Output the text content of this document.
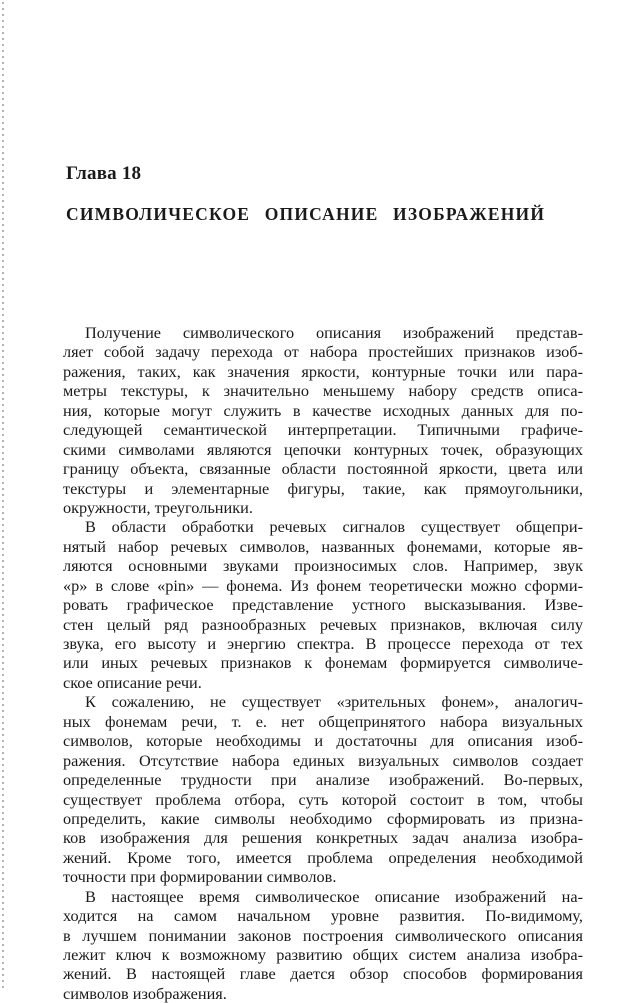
Глава 18
СИМВОЛИЧЕСКОЕ ОПИСАНИЕ ИЗОБРАЖЕНИЙ
Получение символического описания изображений представ-
ляет собой задачу перехода от набора простейших признаков изоб-
ражения, таких, как значения яркости, контурные точки или пара-
метры текстуры, к значительно меньшему набору средств описа-
ния, которые могут служить в качестве исходных данных для по-
следующей семантической интерпретации. Типичными графиче-
скими символами являются цепочки контурных точек, образующих
границу объекта, связанные области постоянной яркости, цвета или
текстуры и элементарные фигуры, такие, как прямоугольники,
окружности, треугольники.
В области обработки речевых сигналов существует общепри-
нятый набор речевых символов, названных фонемами, которые яв-
ляются основными звуками произносимых слов. Например, звук
«p» в слове «pin» — фонема. Из фонем теоретически можно сформи-
ровать графическое представление устного высказывания. Изве-
стен целый ряд разнообразных речевых признаков, включая силу
звука, его высоту и энергию спектра. В процессе перехода от тех
или иных речевых признаков к фонемам формируется символиче-
ское описание речи.
К сожалению, не существует «зрительных фонем», аналогич-
ных фонемам речи, т. е. нет общепринятого набора визуальных
символов, которые необходимы и достаточны для описания изоб-
ражения. Отсутствие набора единых визуальных символов создает
определенные трудности при анализе изображений. Во-первых,
существует проблема отбора, суть которой состоит в том, чтобы
определить, какие символы необходимо сформировать из призна-
ков изображения для решения конкретных задач анализа изобра-
жений. Кроме того, имеется проблема определения необходимой
точности при формировании символов.
В настоящее время символическое описание изображений на-
ходится на самом начальном уровне развития. По-видимому,
в лучшем понимании законов построения символического описания
лежит ключ к возможному развитию общих систем анализа изобра-
жений. В настоящей главе дается обзор способов формирования
символов изображения.
